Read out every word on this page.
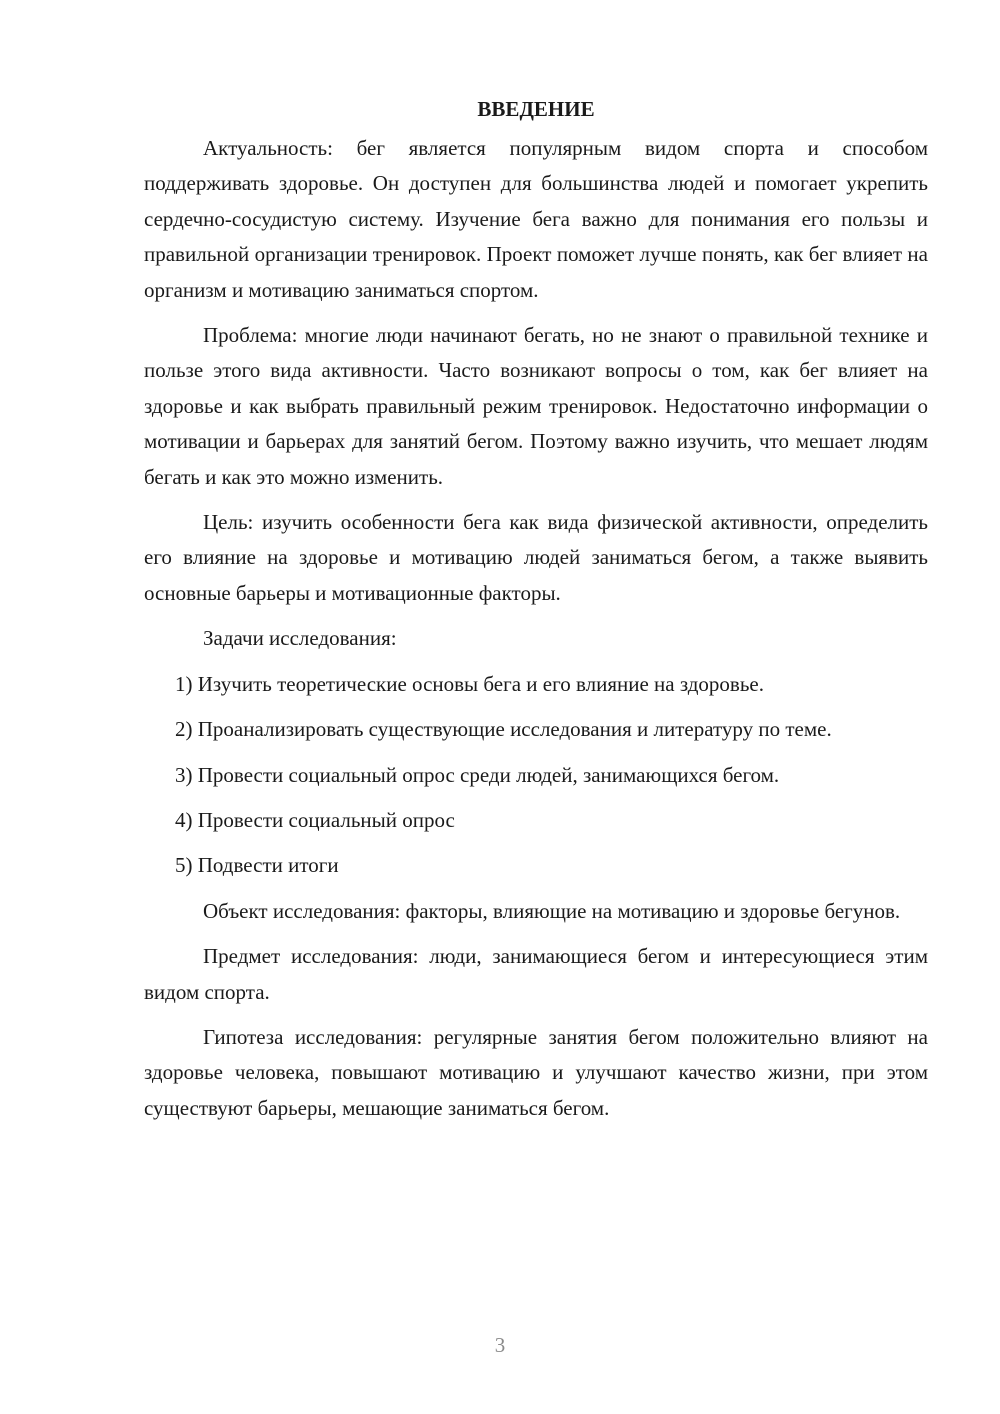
ВВЕДЕНИЕ

Актуальность: бег является популярным видом спорта и способом поддерживать здоровье. Он доступен для большинства людей и помогает укрепить сердечно-сосудистую систему. Изучение бега важно для понимания его пользы и правильной организации тренировок. Проект поможет лучше понять, как бег влияет на организм и мотивацию заниматься спортом.

Проблема: многие люди начинают бегать, но не знают о правильной технике и пользе этого вида активности. Часто возникают вопросы о том, как бег влияет на здоровье и как выбрать правильный режим тренировок. Недостаточно информации о мотивации и барьерах для занятий бегом. Поэтому важно изучить, что мешает людям бегать и как это можно изменить.

Цель: изучить особенности бега как вида физической активности, определить его влияние на здоровье и мотивацию людей заниматься бегом, а также выявить основные барьеры и мотивационные факторы.

Задачи исследования:

1) Изучить теоретические основы бега и его влияние на здоровье.

2) Проанализировать существующие исследования и литературу по теме.

3) Провести социальный опрос среди людей, занимающихся бегом.

4) Провести социальный опрос

5) Подвести итоги

Объект исследования: факторы, влияющие на мотивацию и здоровье бегунов.

Предмет исследования: люди, занимающиеся бегом и интересующиеся этим видом спорта.

Гипотеза исследования: регулярные занятия бегом положительно влияют на здоровье человека, повышают мотивацию и улучшают качество жизни, при этом существуют барьеры, мешающие заниматься бегом.

3
